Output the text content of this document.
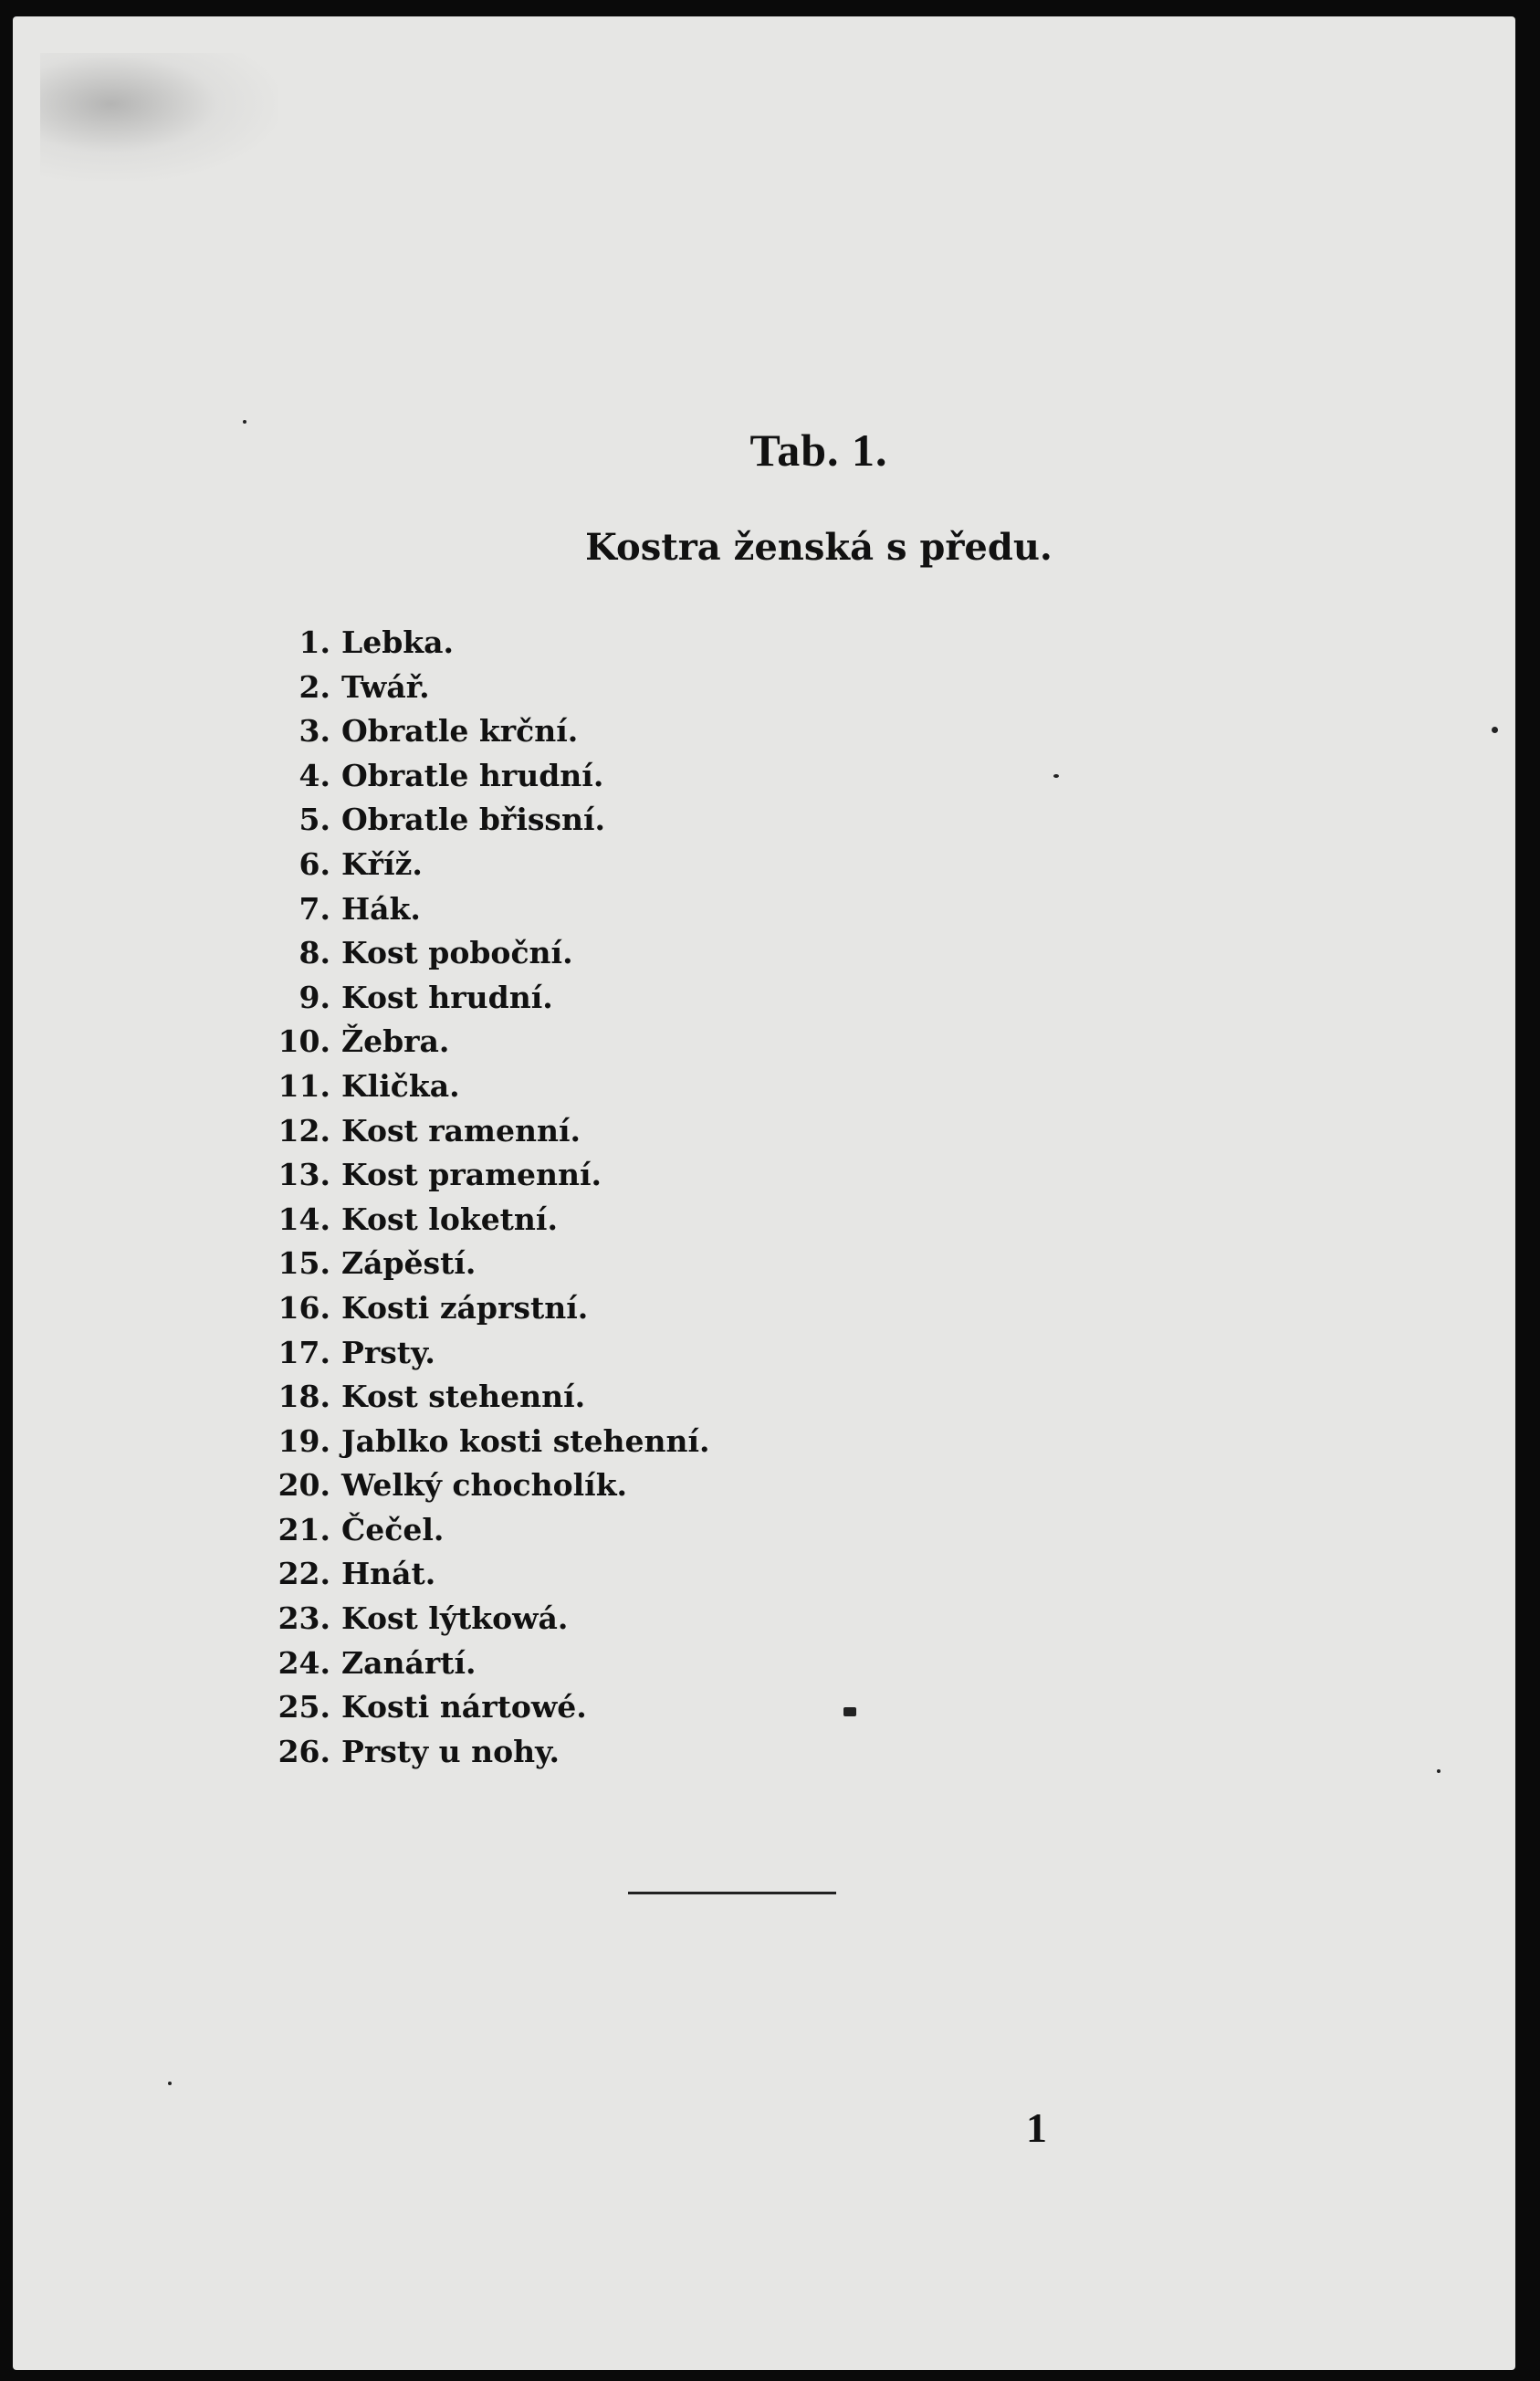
Tab. 1.
Kostra ženská s předu.
1. Lebka.
2. Twář.
3. Obratle krční.
4. Obratle hrudní.
5. Obratle břissní.
6. Kříž.
7. Hák.
8. Kost poboční.
9. Kost hrudní.
10. Žebra.
11. Klička.
12. Kost ramenní.
13. Kost pramenní.
14. Kost loketní.
15. Zápěstí.
16. Kosti záprstní.
17. Prsty.
18. Kost stehenní.
19. Jablko kosti stehenní.
20. Welký chocholík.
21. Čečel.
22. Hnát.
23. Kost lýtkowá.
24. Zanártí.
25. Kosti nártowé.
26. Prsty u nohy.
1
